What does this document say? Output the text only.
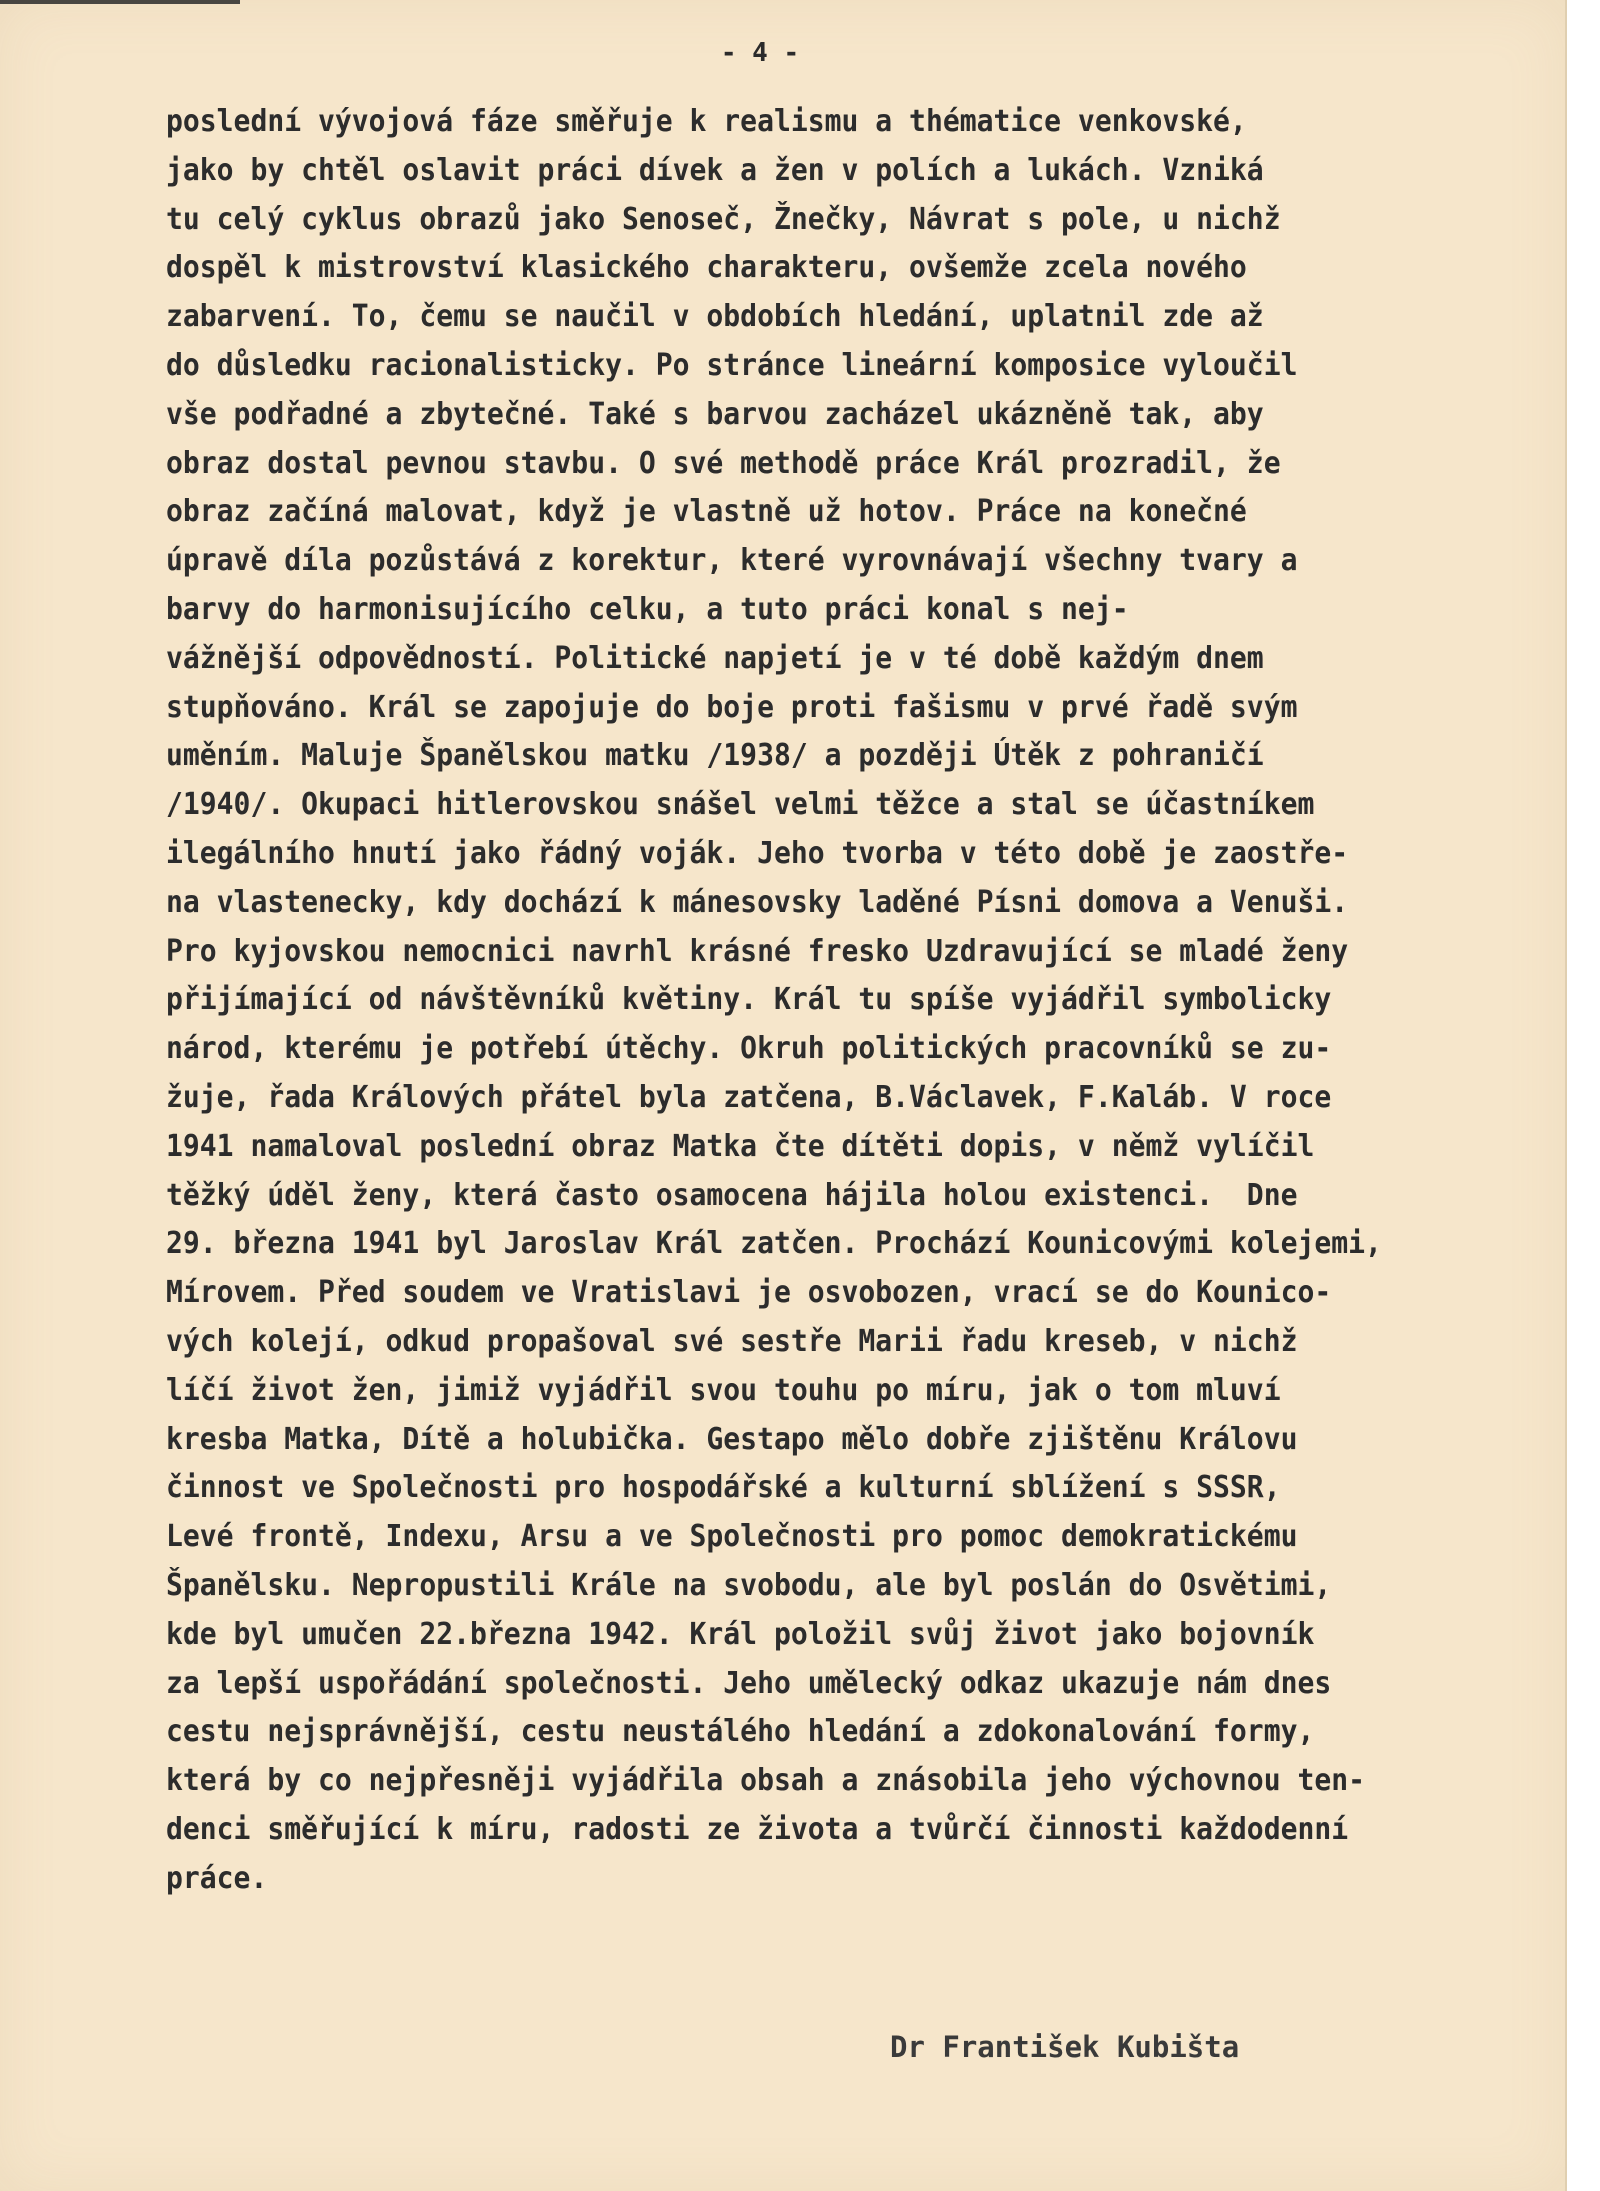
- 4 -
poslední vývojová fáze směřuje k realismu a thématice venkovské,
jako by chtěl oslavit práci dívek a žen v polích a lukách. Vzniká
tu celý cyklus obrazů jako Senoseč, Žnečky, Návrat s pole, u nichž
dospěl k mistrovství klasického charakteru, ovšemže zcela nového
zabarvení. To, čemu se naučil v obdobích hledání, uplatnil zde až
do důsledku racionalisticky. Po stránce lineární komposice vyloučil
vše podřadné a zbytečné. Také s barvou zacházel ukázněně tak, aby
obraz dostal pevnou stavbu. O své methodě práce Král prozradil, že
obraz začíná malovat, když je vlastně už hotov. Práce na konečné
úpravě díla pozůstává z korektur, které vyrovnávají všechny tvary a
barvy do harmonisujícího celku, a tuto práci konal s nej-
vážnější odpovědností. Politické napjetí je v té době každým dnem
stupňováno. Král se zapojuje do boje proti fašismu v prvé řadě svým
uměním. Maluje Španělskou matku /1938/ a později Útěk z pohraničí
/1940/. Okupaci hitlerovskou snášel velmi těžce a stal se účastníkem
ilegálního hnutí jako řádný voják. Jeho tvorba v této době je zaostře-
na vlastenecky, kdy dochází k mánesovsky laděné Písni domova a Venuši.
Pro kyjovskou nemocnici navrhl krásné fresko Uzdravující se mladé ženy
přijímající od návštěvníků květiny. Král tu spíše vyjádřil symbolicky
národ, kterému je potřebí útěchy. Okruh politických pracovníků se zu-
žuje, řada Králových přátel byla zatčena, B.Václavek, F.Kaláb. V roce
1941 namaloval poslední obraz Matka čte dítěti dopis, v němž vylíčil
těžký úděl ženy, která často osamocena hájila holou existenci.  Dne
29. března 1941 byl Jaroslav Král zatčen. Prochází Kounicovými kolejemi,
Mírovem. Před soudem ve Vratislavi je osvobozen, vrací se do Kounico-
vých kolejí, odkud propašoval své sestře Marii řadu kreseb, v nichž
líčí život žen, jimiž vyjádřil svou touhu po míru, jak o tom mluví
kresba Matka, Dítě a holubička. Gestapo mělo dobře zjištěnu Královu
činnost ve Společnosti pro hospodářské a kulturní sblížení s SSSR,
Levé frontě, Indexu, Arsu a ve Společnosti pro pomoc demokratickému
Španělsku. Nepropustili Krále na svobodu, ale byl poslán do Osvětimi,
kde byl umučen 22.března 1942. Král položil svůj život jako bojovník
za lepší uspořádání společnosti. Jeho umělecký odkaz ukazuje nám dnes
cestu nejsprávnější, cestu neustálého hledání a zdokonalování formy,
která by co nejpřesněji vyjádřila obsah a znásobila jeho výchovnou ten-
denci směřující k míru, radosti ze života a tvůrčí činnosti každodenní
práce.
Dr František Kubišta
